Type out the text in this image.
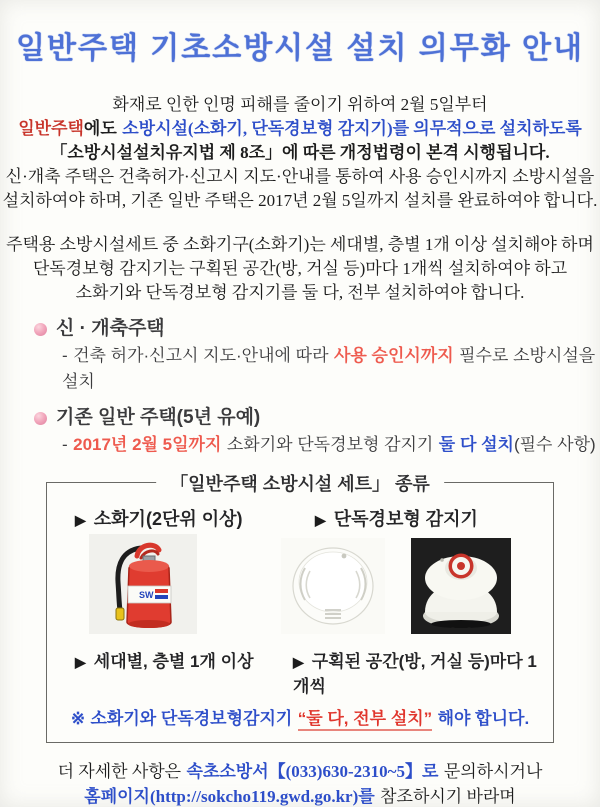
일반주택 기초소방시설 설치 의무화 안내

화재로 인한 인명 피해를 줄이기 위하여 2월 5일부터

일반주택에도 소방시설(소화기, 단독경보형 감지기)를 의무적으로 설치하도록

「소방시설설치유지법 제 8조」에 따른 개정법령이 본격 시행됩니다.

신·개축 주택은 건축허가·신고시 지도·안내를 통하여 사용 승인시까지 소방시설을

설치하여야 하며, 기존 일반 주택은 2017년 2월 5일까지 설치를 완료하여야 합니다.

주택용 소방시설세트 중 소화기구(소화기)는 세대별, 층별 1개 이상 설치해야 하며

단독경보형 감지기는 구획된 공간(방, 거실 등)마다 1개씩 설치하여야 하고

소화기와 단독경보형 감지기를 둘 다, 전부 설치하여야 합니다.

신 · 개축주택
- 건축 허가·신고시 지도·안내에 따라 사용 승인시까지 필수로 소방시설을 설치
기존 일반 주택(5년 유예)
- 2017년 2월 5일까지 소화기와 단독경보형 감지기 둘 다 설치(필수 사항)
「일반주택 소방시설 세트」 종류
▶ 소화기(2단위 이상)	▶ 단독경보형 감지기
SW
▶ 세대별, 층별 1개 이상	▶ 구획된 공간(방, 거실 등)마다 1개씩
※ 소화기와 단독경보형감지기 “둘 다, 전부 설치” 해야 합니다.

더 자세한 사항은 속초소방서【(033)630-2310~5】로 문의하시거나

홈페이지(http://sokcho119.gwd.go.kr)를 참조하시기 바라며
